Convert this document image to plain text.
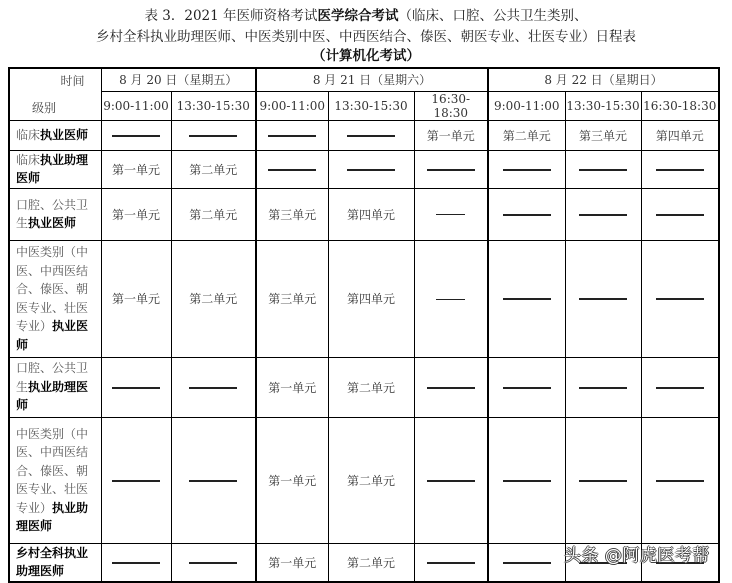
表 3．2021 年医师资格考试医学综合考试（临床、口腔、公共卫生类别、
乡村全科执业助理医师、中医类别中医、中西医结合、傣医、朝医专业、壮医专业）日程表
（计算机化考试）
时间
级别	8 月 20 日（星期五）		8 月 21 日（星期六）			8 月 22 日（星期日）		
	9:00-11:00	13:30-15:30	9:00-11:00	13:30-15:30	16:30-18:30	9:00-11:00	13:30-15:30	16:30-18:30
临床执业医师					第一单元	第二单元	第三单元	第四单元
临床执业助理医师	第一单元	第二单元						
口腔、公共卫生执业医师	第一单元	第二单元	第三单元	第四单元				
中医类别（中医、中西医结合、傣医、朝医专业、壮医专业）执业医师	第一单元	第二单元	第三单元	第四单元				
口腔、公共卫生执业助理医师			第一单元	第二单元				
中医类别（中医、中西医结合、傣医、朝医专业、壮医专业）执业助理医师			第一单元	第二单元				
乡村全科执业助理医师			第一单元	第二单元					头条 @阿虎医考帮
